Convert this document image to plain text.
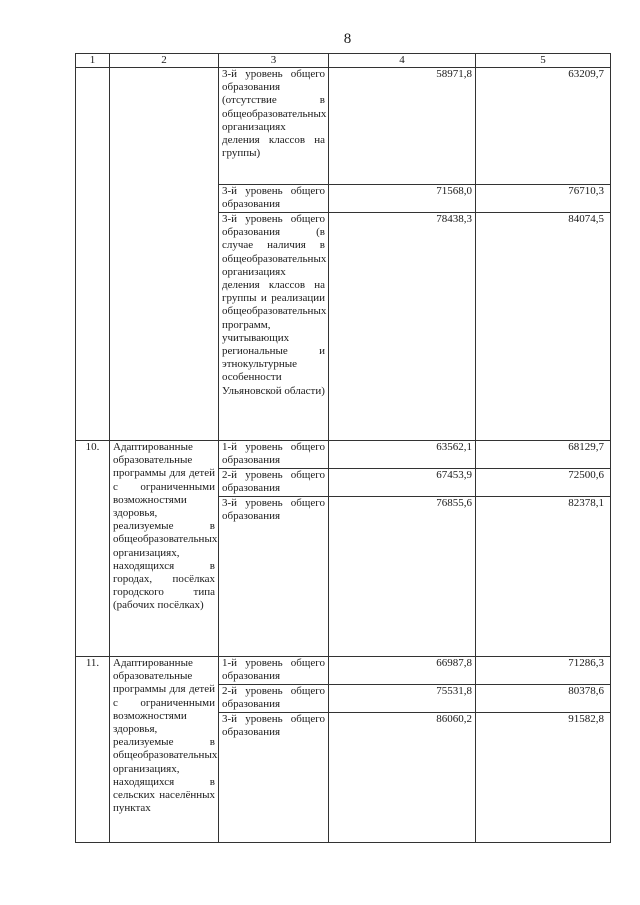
8
1	2	3	4	5
		3-й уровень общего образования (отсутствие в общеобразовательных организациях деления классов на группы)	58971,8	63209,7
		3-й уровень общего образования	71568,0	76710,3
		3-й уровень общего образования (в случае наличия в общеобразовательных организациях деления классов на группы и реализации общеобразовательных программ, учитывающих региональные и этнокультурные особенности Ульяновской области)	78438,3	84074,5
10.	Адаптированные образовательные программы для детей с ограниченными возможностями здоровья, реализуемые в общеобразовательных организациях, находящихся в городах, посёлках городского типа (рабочих посёлках)	1-й уровень общего образования	63562,1	68129,7
		2-й уровень общего образования	67453,9	72500,6
		3-й уровень общего образования	76855,6	82378,1
11.	Адаптированные образовательные программы для детей с ограниченными возможностями здоровья, реализуемые в общеобразовательных организациях, находящихся в сельских населённых пунктах	1-й уровень общего образования	66987,8	71286,3
		2-й уровень общего образования	75531,8	80378,6
		3-й уровень общего образования	86060,2	91582,8
